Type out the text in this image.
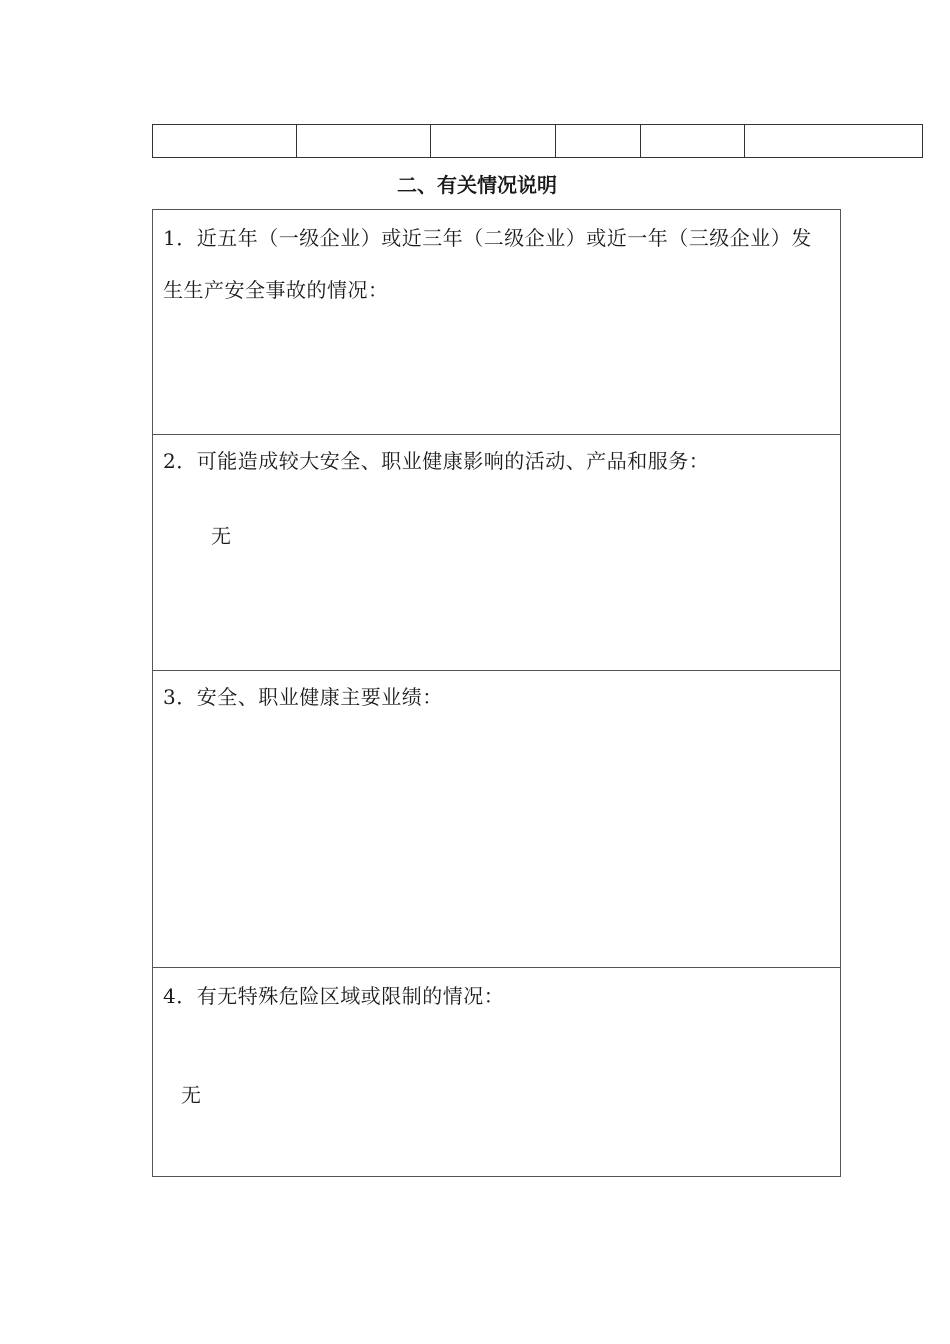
二、有关情况说明

1．近五年（一级企业）或近三年（二级企业）或近一年（三级企业）发生生产安全事故的情况：

2．可能造成较大安全、职业健康影响的活动、产品和服务：

无

3．安全、职业健康主要业绩：

4．有无特殊危险区域或限制的情况：

无
